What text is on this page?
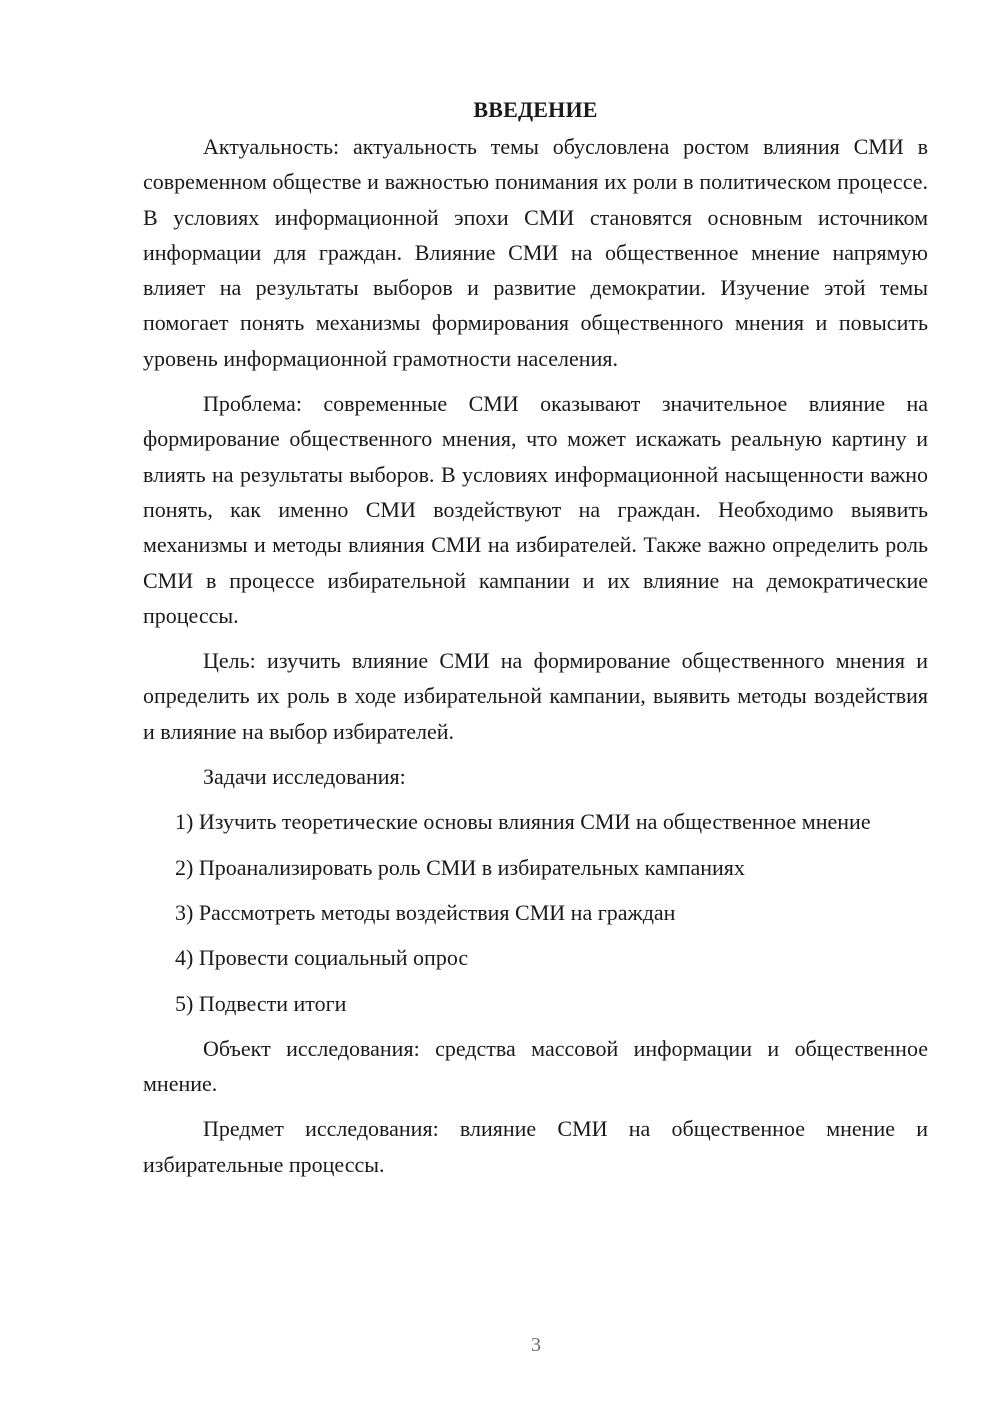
ВВЕДЕНИЕ

Актуальность: актуальность темы обусловлена ростом влияния СМИ в современном обществе и важностью понимания их роли в политическом процессе. В условиях информационной эпохи СМИ становятся основным источником информации для граждан. Влияние СМИ на общественное мнение напрямую влияет на результаты выборов и развитие демократии. Изучение этой темы помогает понять механизмы формирования общественного мнения и повысить уровень информационной грамотности населения.

Проблема: современные СМИ оказывают значительное влияние на формирование общественного мнения, что может искажать реальную картину и влиять на результаты выборов. В условиях информационной насыщенности важно понять, как именно СМИ воздействуют на граждан. Необходимо выявить механизмы и методы влияния СМИ на избирателей. Также важно определить роль СМИ в процессе избирательной кампании и их влияние на демократические процессы.

Цель: изучить влияние СМИ на формирование общественного мнения и определить их роль в ходе избирательной кампании, выявить методы воздействия и влияние на выбор избирателей.

Задачи исследования:

1) Изучить теоретические основы влияния СМИ на общественное мнение

2) Проанализировать роль СМИ в избирательных кампаниях

3) Рассмотреть методы воздействия СМИ на граждан

4) Провести социальный опрос

5) Подвести итоги

Объект исследования: средства массовой информации и общественное мнение.

Предмет исследования: влияние СМИ на общественное мнение и избирательные процессы.

3
